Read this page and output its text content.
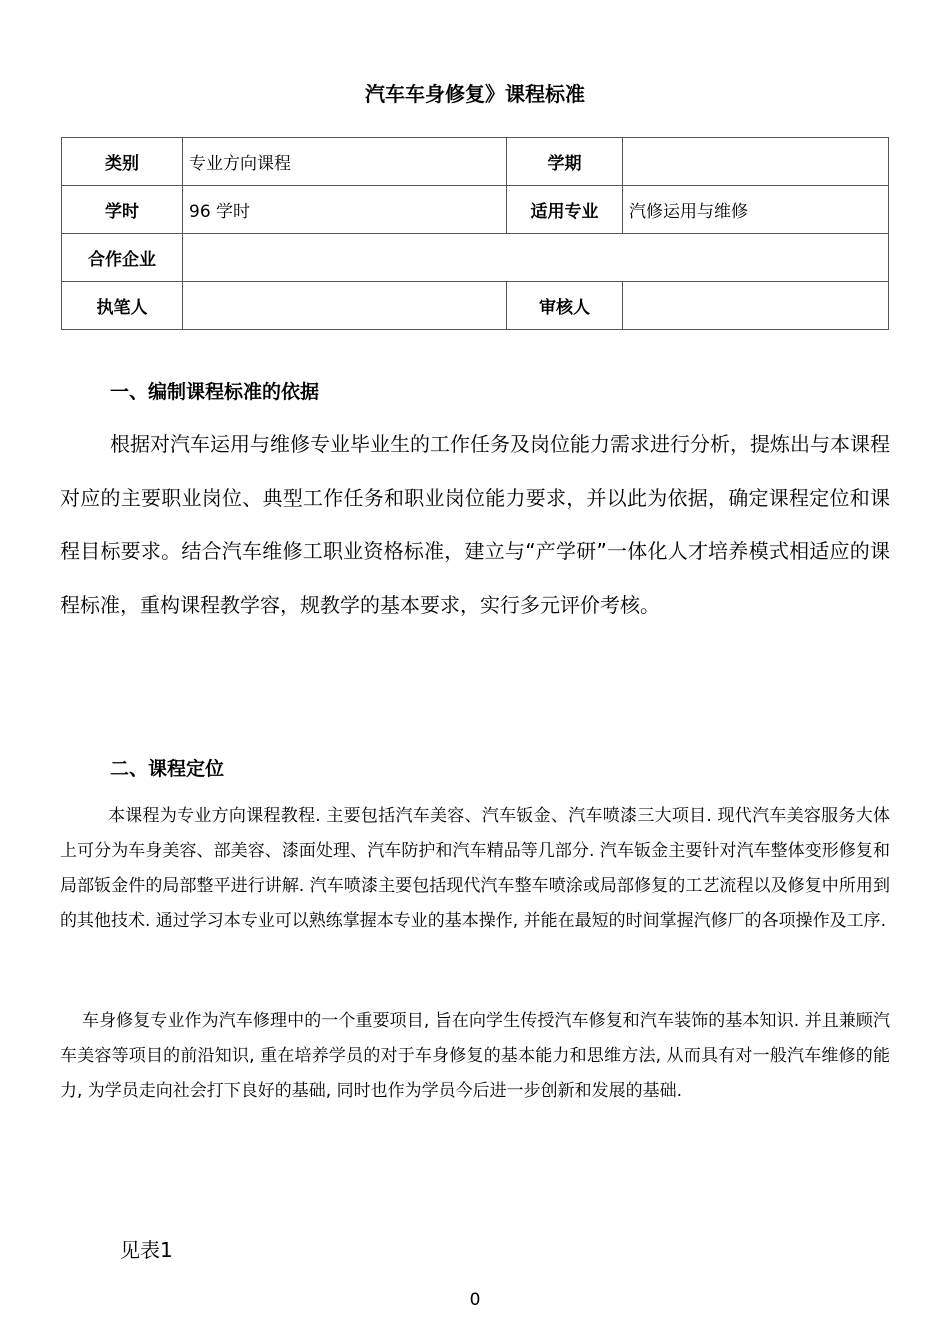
汽车车身修复》课程标准
类别	专业方向课程	学期	
学时	96 学时	适用专业	汽修运用与维修
合作企业			
执笔人		审核人	
一、编制课程标准的依据

根据对汽车运用与维修专业毕业生的工作任务及岗位能力需求进行分析，提炼出与本课程对应的主要职业岗位、典型工作任务和职业岗位能力要求，并以此为依据，确定课程定位和课程目标要求。结合汽车维修工职业资格标准，建立与“产学研”一体化人才培养模式相适应的课程标准，重构课程教学容，规教学的基本要求，实行多元评价考核。

二、课程定位

本课程为专业方向课程教程. 主要包括汽车美容、汽车钣金、汽车喷漆三大项目. 现代汽车美容服务大体上可分为车身美容、部美容、漆面处理、汽车防护和汽车精品等几部分. 汽车钣金主要针对汽车整体变形修复和局部钣金件的局部整平进行讲解. 汽车喷漆主要包括现代汽车整车喷涂或局部修复的工艺流程以及修复中所用到的其他技术. 通过学习本专业可以熟练掌握本专业的基本操作, 并能在最短的时间掌握汽修厂的各项操作及工序.

车身修复专业作为汽车修理中的一个重要项目, 旨在向学生传授汽车修复和汽车装饰的基本知识. 并且兼顾汽车美容等项目的前沿知识, 重在培养学员的对于车身修复的基本能力和思维方法, 从而具有对一般汽车维修的能力, 为学员走向社会打下良好的基础, 同时也作为学员今后进一步创新和发展的基础.

见表1
0
